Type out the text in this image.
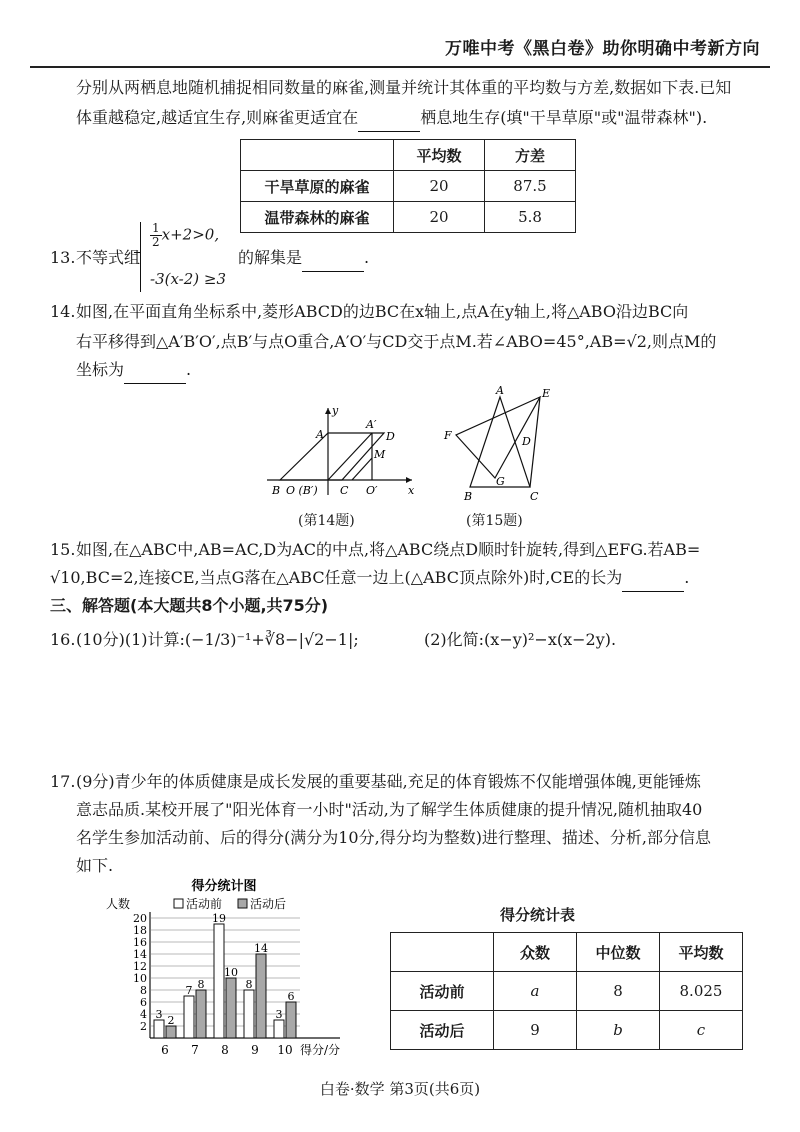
万唯中考《黑白卷》助你明确中考新方向
分别从两栖息地随机捕捉相同数量的麻雀,测量并统计其体重的平均数与方差,数据如下表.已知
体重越稳定,越适宜生存,则麻雀更适宜在	栖息地生存(填"干旱草原"或"温带森林").
	平均数	方差
干旱草原的麻雀	20	87.5
温带森林的麻雀	20	5.8
13. 不等式组
$\frac{1}{2} x+2>0$,
-3(x-2) ≥3
的解集是	.
14. 如图,在平面直角坐标系中,菱形ABCD的边BC在x轴上,点A在y轴上,将△ABO沿边BC向
右平移得到△A′B′O′,点B′与点O重合,A′O′与CD交于点M.若∠ABO=45°,AB=√2,则点M的
坐标为	.
y
x
A
A′
D
M
B O (B′) C O′
(第14题)
A	E
F	D
G
B	C
(第15题)
15. 如图,在△ABC中,AB=AC,D为AC的中点,将△ABC绕点D顺时针旋转,得到△EFG.若AB=
√10,BC=2,连接CE,当点G落在△ABC任意一边上(△ABC顶点除外)时,CE的长为	.
三、解答题(本大题共8个小题,共75分)
16. (10分)(1)计算:(−1/3)⁻¹+∛8−|√2−1|;	(2)化简:(x−y)²−x(x−2y).
17. (9分)青少年的体质健康是成长发展的重要基础,充足的体育锻炼不仅能增强体魄,更能锤炼
意志品质.某校开展了"阳光体育一小时"活动,为了解学生体质健康的提升情况,随机抽取40
名学生参加活动前、后的得分(满分为10分,得分均为整数)进行整理、描述、分析,部分信息
如下.
得分统计图
人数	活动前 活动后
2
4
6
8
10
12
14
16
18
20
3 2
6
7 8
7
19
10
8
8
14
9
3
6
10 得分/分
得分统计表
	众数	中位数	平均数
活动前	a	8	8.025
活动后	9	b	c
白卷·数学 第3页(共6页)
